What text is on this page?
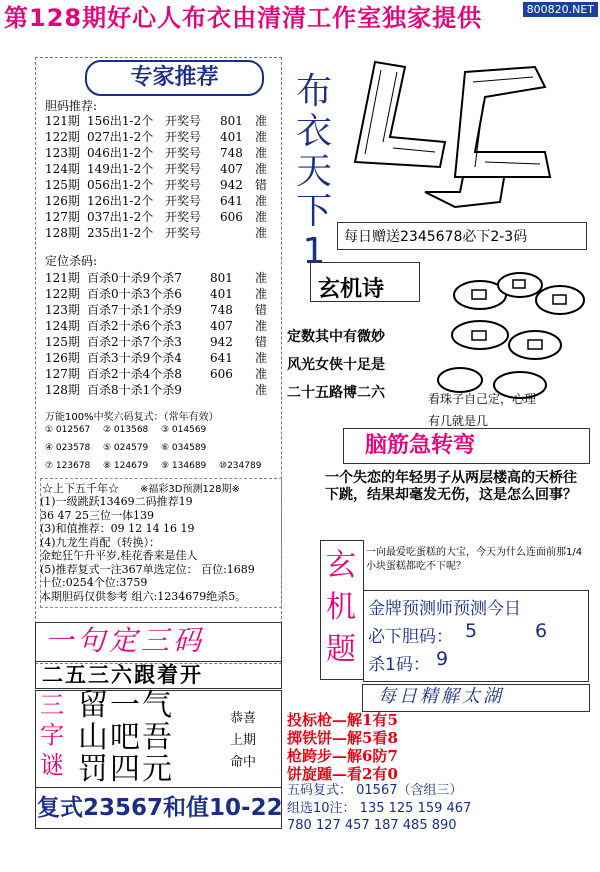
第128期好心人布衣由清清工作室独家提供	800820.NET
专家推荐
胆码推荐:
121期 156出1-2个 开奖号 801 准
122期 027出1-2个 开奖号 401 准
123期 046出1-2个 开奖号 748 准
124期 149出1-2个 开奖号 407 准
125期 056出1-2个 开奖号 942 错
126期 126出1-2个 开奖号 641 准
127期 037出1-2个 开奖号 606 准
128期 235出1-2个 开奖号	准
定位杀码:
121期 百杀0十杀9个杀7 801 准
122期 百杀0十杀3个杀6 401 准
123期 百杀7十杀1个杀9 748 错
124期 百杀2十杀6个杀3 407 准
125期 百杀2十杀7个杀3 942 错
126期 百杀3十杀9个杀4 641 准
127期 百杀2十杀4个杀8 606 准
128期 百杀8十杀1个杀9	准
万能100%中奖六码复式：（常年有效）
① 012567 ② 013568 ③ 014569
④ 023578 ⑤ 024579 ⑥ 034589
⑦ 123678 ⑧ 124679 ⑨ 134689 ⑩234789
☆上下五千年☆ ※福彩3D预测128期※
(1)一级跳跃13469二码推荐19
36 47 25三位一体139
(3)和值推荐：09 12 14 16 19
(4)九龙生肖配（转换）：
金蛇狂午升平岁,桂花香来是佳人
(5)推荐复式一注367单选定位： 百位:1689
十位:0254个位:3759
本期胆码仅供参考 组六:1234679绝杀5。
一句定三码
二五三六跟着开
三
字
谜
留一气
山吧吾
罚四元
恭喜
上期
命中
复式23567和值10-22
布
衣
天
下
1	每日赠送2345678必下2-3码
玄机诗
定数其中有微妙
风光女侠十足是
二十五路博二六	看珠子自己定，心理
有几就是几
脑筋急转弯
一个失恋的年轻男子从两层楼高的天桥往下跳，结果却毫发无伤，这是怎么回事？
玄
机
题
一向最爱吃蛋糕的大宝，今天为什么连面前那1/4小块蛋糕都吃不下呢？
金牌预测师预测今日
必下胆码： 5	6
杀1码： 9
每日精解太湖
投标枪—解1有5
掷铁饼—解5看8
枪跨步—解6防7
饼旋踵—看2有0
五码复式： 01567（含组三）
组选10注： 135 125 159 467
780 127 457 187 485 890
